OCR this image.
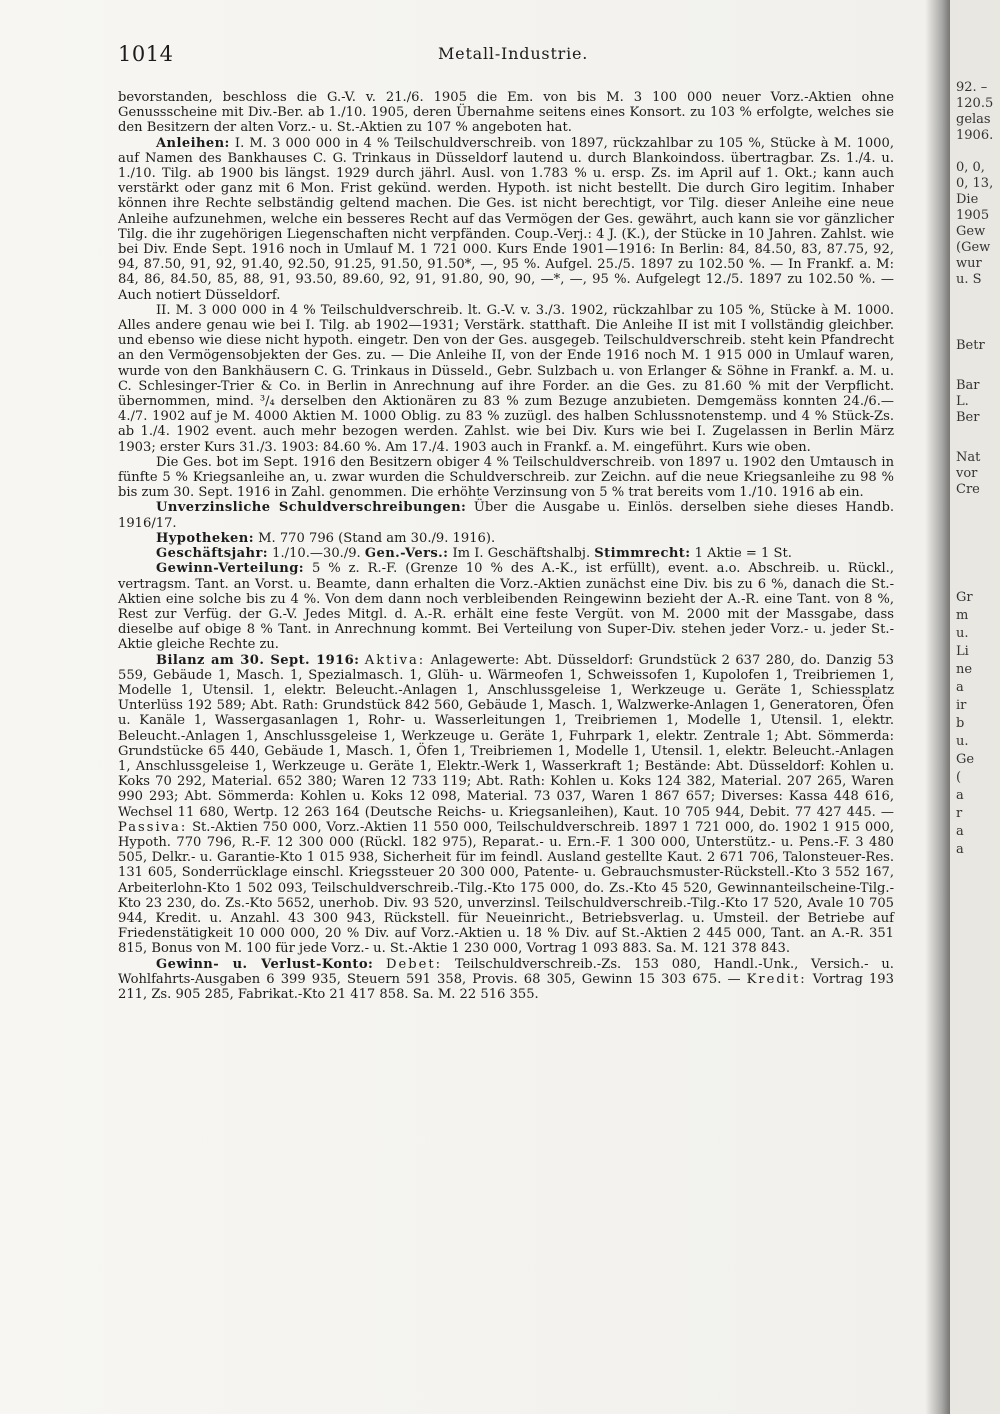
1014	Metall-Industrie.

bevorstanden, beschloss die G.-V. v. 21./6. 1905 die Em. von bis M. 3 100 000 neuer Vorz.-Aktien ohne Genussscheine mit Div.-Ber. ab 1./10. 1905, deren Übernahme seitens eines Konsort. zu 103 % erfolgte, welches sie den Besitzern der alten Vorz.- u. St.-Aktien zu 107 % angeboten hat.

Anleihen: I. M. 3 000 000 in 4 % Teilschuldverschreib. von 1897, rückzahlbar zu 105 %, Stücke à M. 1000, auf Namen des Bankhauses C. G. Trinkaus in Düsseldorf lautend u. durch Blankoindoss. übertragbar. Zs. 1./4. u. 1./10. Tilg. ab 1900 bis längst. 1929 durch jährl. Ausl. von 1.783 % u. ersp. Zs. im April auf 1. Okt.; kann auch verstärkt oder ganz mit 6 Mon. Frist gekünd. werden. Hypoth. ist nicht bestellt. Die durch Giro legitim. Inhaber können ihre Rechte selbständig geltend machen. Die Ges. ist nicht berechtigt, vor Tilg. dieser Anleihe eine neue Anleihe aufzunehmen, welche ein besseres Recht auf das Vermögen der Ges. gewährt, auch kann sie vor gänzlicher Tilg. die ihr zugehörigen Liegenschaften nicht verpfänden. Coup.-Verj.: 4 J. (K.), der Stücke in 10 Jahren. Zahlst. wie bei Div. Ende Sept. 1916 noch in Umlauf M. 1 721 000. Kurs Ende 1901—1916: In Berlin: 84, 84.50, 83, 87.75, 92, 94, 87.50, 91, 92, 91.40, 92.50, 91.25, 91.50, 91.50*, —, 95 %. Aufgel. 25./5. 1897 zu 102.50 %. — In Frankf. a. M: 84, 86, 84.50, 85, 88, 91, 93.50, 89.60, 92, 91, 91.80, 90, 90, —*, —, 95 %. Aufgelegt 12./5. 1897 zu 102.50 %. — Auch notiert Düsseldorf.

II. M. 3 000 000 in 4 % Teilschuldverschreib. lt. G.-V. v. 3./3. 1902, rückzahlbar zu 105 %, Stücke à M. 1000. Alles andere genau wie bei I. Tilg. ab 1902—1931; Verstärk. statthaft. Die Anleihe II ist mit I vollständig gleichber. und ebenso wie diese nicht hypoth. eingetr. Den von der Ges. ausgegeb. Teilschuldverschreib. steht kein Pfandrecht an den Vermögensobjekten der Ges. zu. — Die Anleihe II, von der Ende 1916 noch M. 1 915 000 in Umlauf waren, wurde von den Bankhäusern C. G. Trinkaus in Düsseld., Gebr. Sulzbach u. von Erlanger & Söhne in Frankf. a. M. u. C. Schlesinger-Trier & Co. in Berlin in Anrechnung auf ihre Forder. an die Ges. zu 81.60 % mit der Verpflicht. übernommen, mind. ³/₄ derselben den Aktionären zu 83 % zum Bezuge anzubieten. Demgemäss konnten 24./6.—4./7. 1902 auf je M. 4000 Aktien M. 1000 Oblig. zu 83 % zuzügl. des halben Schlussnotenstemp. und 4 % Stück-Zs. ab 1./4. 1902 event. auch mehr bezogen werden. Zahlst. wie bei Div. Kurs wie bei I. Zugelassen in Berlin März 1903; erster Kurs 31./3. 1903: 84.60 %. Am 17./4. 1903 auch in Frankf. a. M. eingeführt. Kurs wie oben.

Die Ges. bot im Sept. 1916 den Besitzern obiger 4 % Teilschuldverschreib. von 1897 u. 1902 den Umtausch in fünfte 5 % Kriegsanleihe an, u. zwar wurden die Schuldverschreib. zur Zeichn. auf die neue Kriegsanleihe zu 98 % bis zum 30. Sept. 1916 in Zahl. genommen. Die erhöhte Verzinsung von 5 % trat bereits vom 1./10. 1916 ab ein.

Unverzinsliche Schuldverschreibungen: Über die Ausgabe u. Einlös. derselben siehe dieses Handb. 1916/17.

Hypotheken: M. 770 796 (Stand am 30./9. 1916).

Geschäftsjahr: 1./10.—30./9. Gen.-Vers.: Im I. Geschäftshalbj. Stimmrecht: 1 Aktie = 1 St.

Gewinn-Verteilung: 5 % z. R.-F. (Grenze 10 % des A.-K., ist erfüllt), event. a.o. Abschreib. u. Rückl., vertragsm. Tant. an Vorst. u. Beamte, dann erhalten die Vorz.-Aktien zunächst eine Div. bis zu 6 %, danach die St.-Aktien eine solche bis zu 4 %. Von dem dann noch verbleibenden Reingewinn bezieht der A.-R. eine Tant. von 8 %, Rest zur Verfüg. der G.-V. Jedes Mitgl. d. A.-R. erhält eine feste Vergüt. von M. 2000 mit der Massgabe, dass dieselbe auf obige 8 % Tant. in Anrechnung kommt. Bei Verteilung von Super-Div. stehen jeder Vorz.- u. jeder St.-Aktie gleiche Rechte zu.

Bilanz am 30. Sept. 1916: Aktiva: Anlagewerte: Abt. Düsseldorf: Grundstück 2 637 280, do. Danzig 53 559, Gebäude 1, Masch. 1, Spezialmasch. 1, Glüh- u. Wärmeofen 1, Schweissofen 1, Kupolofen 1, Treibriemen 1, Modelle 1, Utensil. 1, elektr. Beleucht.-Anlagen 1, Anschlussgeleise 1, Werkzeuge u. Geräte 1, Schiessplatz Unterlüss 192 589; Abt. Rath: Grundstück 842 560, Gebäude 1, Masch. 1, Walzwerke-Anlagen 1, Generatoren, Öfen u. Kanäle 1, Wassergasanlagen 1, Rohr- u. Wasserleitungen 1, Treibriemen 1, Modelle 1, Utensil. 1, elektr. Beleucht.-Anlagen 1, Anschlussgeleise 1, Werkzeuge u. Geräte 1, Fuhrpark 1, elektr. Zentrale 1; Abt. Sömmerda: Grundstücke 65 440, Gebäude 1, Masch. 1, Öfen 1, Treibriemen 1, Modelle 1, Utensil. 1, elektr. Beleucht.-Anlagen 1, Anschlussgeleise 1, Werkzeuge u. Geräte 1, Elektr.-Werk 1, Wasserkraft 1; Bestände: Abt. Düsseldorf: Kohlen u. Koks 70 292, Material. 652 380; Waren 12 733 119; Abt. Rath: Kohlen u. Koks 124 382, Material. 207 265, Waren 990 293; Abt. Sömmerda: Kohlen u. Koks 12 098, Material. 73 037, Waren 1 867 657; Diverses: Kassa 448 616, Wechsel 11 680, Wertp. 12 263 164 (Deutsche Reichs- u. Kriegsanleihen), Kaut. 10 705 944, Debit. 77 427 445. — Passiva: St.-Aktien 750 000, Vorz.-Aktien 11 550 000, Teilschuldverschreib. 1897 1 721 000, do. 1902 1 915 000, Hypoth. 770 796, R.-F. 12 300 000 (Rückl. 182 975), Reparat.- u. Ern.-F. 1 300 000, Unterstütz.- u. Pens.-F. 3 480 505, Delkr.- u. Garantie-Kto 1 015 938, Sicherheit für im feindl. Ausland gestellte Kaut. 2 671 706, Talonsteuer-Res. 131 605, Sonderrücklage einschl. Kriegssteuer 20 300 000, Patente- u. Gebrauchsmuster-Rückstell.-Kto 3 552 167, Arbeiterlohn-Kto 1 502 093, Teilschuldverschreib.-Tilg.-Kto 175 000, do. Zs.-Kto 45 520, Gewinnanteilscheine-Tilg.-Kto 23 230, do. Zs.-Kto 5652, unerhob. Div. 93 520, unverzinsl. Teilschuldverschreib.-Tilg.-Kto 17 520, Avale 10 705 944, Kredit. u. Anzahl. 43 300 943, Rückstell. für Neueinricht., Betriebsverlag. u. Umsteil. der Betriebe auf Friedenstätigkeit 10 000 000, 20 % Div. auf Vorz.-Aktien u. 18 % Div. auf St.-Aktien 2 445 000, Tant. an A.-R. 351 815, Bonus von M. 100 für jede Vorz.- u. St.-Aktie 1 230 000, Vortrag 1 093 883. Sa. M. 121 378 843.

Gewinn- u. Verlust-Konto: Debet: Teilschuldverschreib.-Zs. 153 080, Handl.-Unk., Versich.- u. Wohlfahrts-Ausgaben 6 399 935, Steuern 591 358, Provis. 68 305, Gewinn 15 303 675. — Kredit: Vortrag 193 211, Zs. 905 285, Fabrikat.-Kto 21 417 858. Sa. M. 22 516 355.

92. –
120.5
gelas
1906.
0, 0,
0, 13,
Die
1905
Gew
(Gew
wur
u. S
Betr
Bar
L.
Ber
Nat
vor
Cre
Gr
m
u.
Li
ne
a
ir
b
u.
Ge
(
a
r
a
a
